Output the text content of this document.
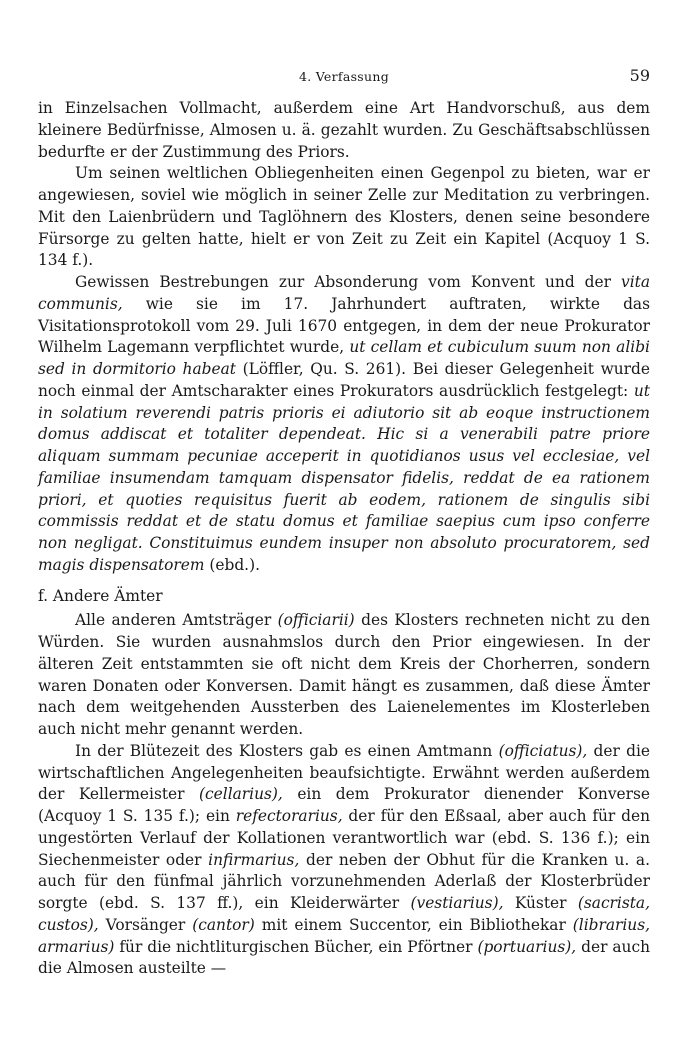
4. Verfassung	59

in Einzelsachen Vollmacht, außerdem eine Art Handvorschuß, aus dem kleinere Bedürfnisse, Almosen u. ä. gezahlt wurden. Zu Geschäftsabschlüssen bedurfte er der Zustimmung des Priors.

Um seinen weltlichen Obliegenheiten einen Gegenpol zu bieten, war er angewiesen, soviel wie möglich in seiner Zelle zur Meditation zu verbringen. Mit den Laienbrüdern und Taglöhnern des Klosters, denen seine besondere Fürsorge zu gelten hatte, hielt er von Zeit zu Zeit ein Kapitel (Acquoy 1 S. 134 f.).

Gewissen Bestrebungen zur Absonderung vom Konvent und der vita communis, wie sie im 17. Jahrhundert auftraten, wirkte das Visitationsprotokoll vom 29. Juli 1670 entgegen, in dem der neue Prokurator Wilhelm Lagemann verpflichtet wurde, ut cellam et cubiculum suum non alibi sed in dormitorio habeat (Löffler, Qu. S. 261). Bei dieser Gelegenheit wurde noch einmal der Amtscharakter eines Prokurators ausdrücklich festgelegt: ut in solatium reverendi patris prioris ei adiutorio sit ab eoque instructionem domus addiscat et totaliter dependeat. Hic si a venerabili patre priore aliquam summam pecuniae acceperit in quotidianos usus vel ecclesiae, vel familiae insumendam tamquam dispensator fidelis, reddat de ea rationem priori, et quoties requisitus fuerit ab eodem, rationem de singulis sibi commissis reddat et de statu domus et familiae saepius cum ipso conferre non negligat. Constituimus eundem insuper non absoluto procuratorem, sed magis dispensatorem (ebd.).

f. Andere Ämter

Alle anderen Amtsträger (officiarii) des Klosters rechneten nicht zu den Würden. Sie wurden ausnahmslos durch den Prior eingewiesen. In der älteren Zeit entstammten sie oft nicht dem Kreis der Chorherren, sondern waren Donaten oder Konversen. Damit hängt es zusammen, daß diese Ämter nach dem weitgehenden Aussterben des Laienelementes im Klosterleben auch nicht mehr genannt werden.

In der Blütezeit des Klosters gab es einen Amtmann (officiatus), der die wirtschaftlichen Angelegenheiten beaufsichtigte. Erwähnt werden außerdem der Kellermeister (cellarius), ein dem Prokurator dienender Konverse (Acquoy 1 S. 135 f.); ein refectorarius, der für den Eßsaal, aber auch für den ungestörten Verlauf der Kollationen verantwortlich war (ebd. S. 136 f.); ein Siechenmeister oder infirmarius, der neben der Obhut für die Kranken u. a. auch für den fünfmal jährlich vorzunehmenden Aderlaß der Klosterbrüder sorgte (ebd. S. 137 ff.), ein Kleiderwärter (vestiarius), Küster (sacrista, custos), Vorsänger (cantor) mit einem Succentor, ein Bibliothekar (librarius, armarius) für die nichtliturgischen Bücher, ein Pförtner (portuarius), der auch die Almosen austeilte —
